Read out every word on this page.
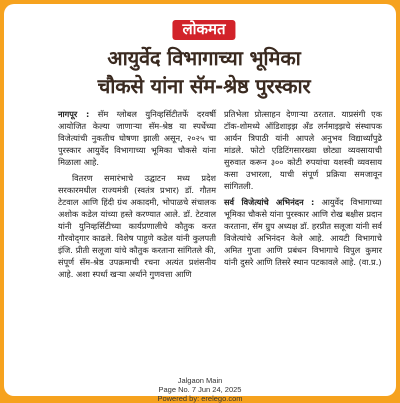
लोकमत
आयुर्वेद विभागाच्या भूमिका
चौकसे यांना सॅम-श्रेष्ठ पुरस्कार

नागपूर : सॅम ग्लोबल युनिव्हर्सिटीतर्फे दरवर्षी आयोजित केल्या जाणाऱ्या सॅम-श्रेष्ठ या स्पर्धेच्या विजेत्यांची नुकतीच घोषणा झाली असून, २०२५ चा पुरस्कार आयुर्वेद विभागाच्या भूमिका चौकसे यांना मिळाला आहे.

वितरण समारंभाचे उद्घाटन मध्य प्रदेश सरकारमधील राज्यमंत्री (स्वतंत्र प्रभार) डॉ. गौतम टेटवाल आणि हिंदी ग्रंथ अकादमी, भोपाळचे संचालक अशोक कडेल यांच्या हस्ते करण्यात आले. डॉ. टेटवाल यांनी युनिव्हर्सिटीच्या कार्यप्रणालीचे कौतुक करत गौरवोद्‌गार काढले. विशेष पाहुणे कडेल यांनी कुलपती इंजि. प्रीती सलूजा यांचे कौतुक करताना सांगितले की, संपूर्ण सॅम-श्रेष्ठ उपक्रमाची रचना अत्यंत प्रशंसनीय आहे. अशा स्पर्धा खऱ्या अर्थाने गुणवत्ता आणि

प्रतिभेला प्रोत्साहन देणाऱ्या ठरतात. याप्रसंगी एक टॉक-शोमध्ये ऑडिशाइझ अँड लर्नमाइझचे संस्थापक आर्यन त्रिपाठी यांनी आपले अनुभव विद्यार्थ्यांपुढे मांडले. फोटो एडिटिंगसारख्या छोट्या व्यवसायाची सुरुवात करून ३०० कोटी रुपयांचा यशस्वी व्यवसाय कसा उभारला, याची संपूर्ण प्रक्रिया समजावून सांगितली.

सर्व विजेत्यांचे अभिनंदन : आयुर्वेद विभागाच्या भूमिका चौकसे यांना पुरस्कार आणि रोख बक्षीस प्रदान करताना, सॅम ग्रुप अध्यक्ष डॉ. हरप्रीत सलूजा यांनी सर्व विजेत्यांचे अभिनंदन केले आहे. आयटी विभागाचे अमित गुप्ता आणि प्रबंधन विभागाचे विपुल कुमार यांनी दुसरे आणि तिसरे स्थान पटकावले आहे. (वा.प्र.)

Jalgaon Main
Page No. 7 Jun 24, 2025
Powered by: erelego.com
